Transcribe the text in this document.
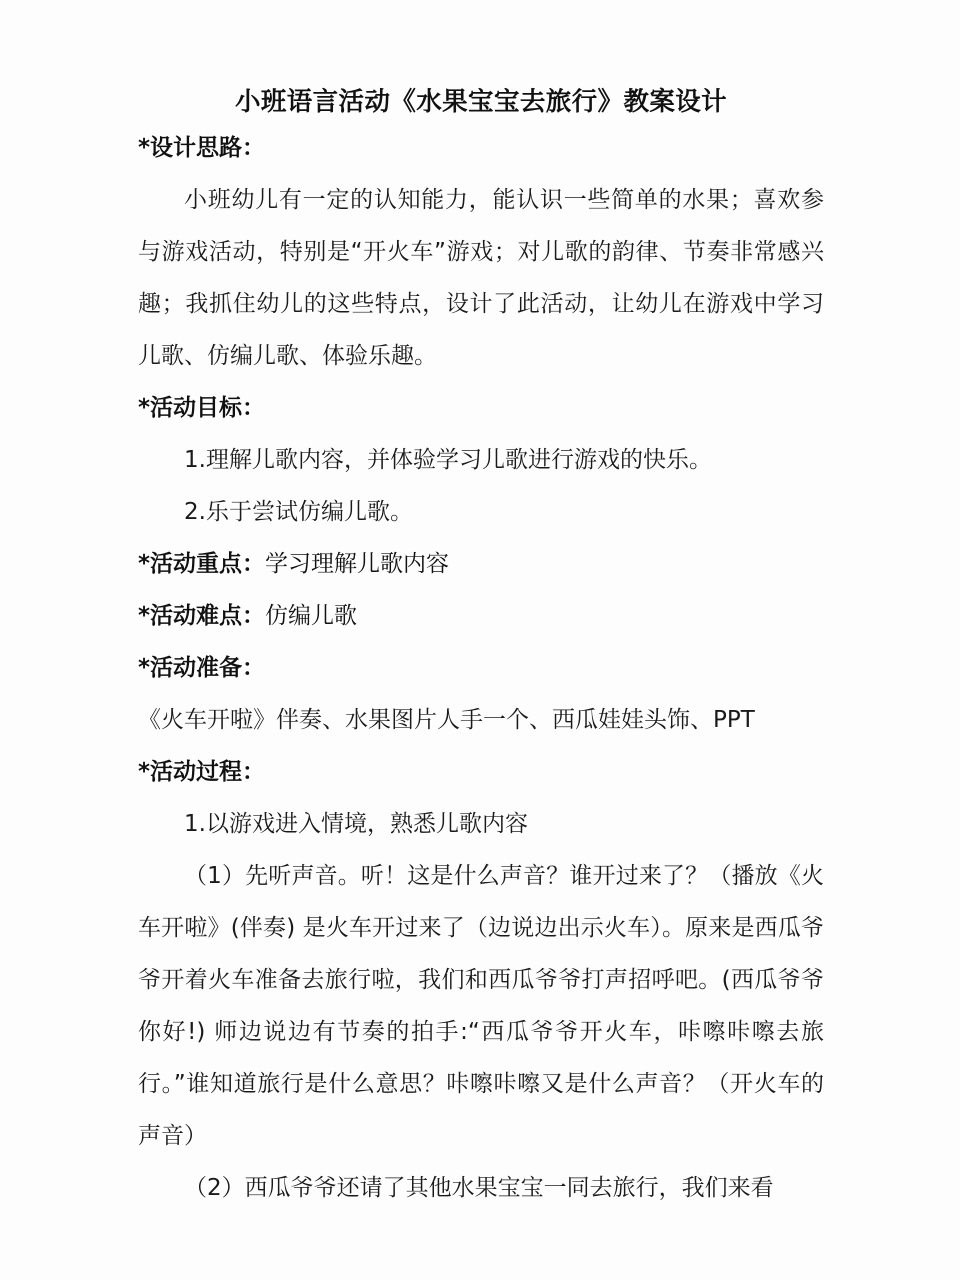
小班语言活动《水果宝宝去旅行》教案设计

*设计思路：

小班幼儿有一定的认知能力，能认识一些简单的水果；喜欢参与游戏活动，特别是“开火车”游戏；对儿歌的韵律、节奏非常感兴趣；我抓住幼儿的这些特点，设计了此活动，让幼儿在游戏中学习儿歌、仿编儿歌、体验乐趣。

*活动目标：

1.理解儿歌内容，并体验学习儿歌进行游戏的快乐。

2.乐于尝试仿编儿歌。

*活动重点：学习理解儿歌内容

*活动难点：仿编儿歌

*活动准备：

《火车开啦》伴奏、水果图片人手一个、西瓜娃娃头饰、PPT

*活动过程：

1.以游戏进入情境，熟悉儿歌内容

（1）先听声音。听！这是什么声音？谁开过来了？（播放《火车开啦》(伴奏) 是火车开过来了（边说边出示火车）。原来是西瓜爷爷开着火车准备去旅行啦，我们和西瓜爷爷打声招呼吧。(西瓜爷爷你好!) 师边说边有节奏的拍手:“西瓜爷爷开火车，咔嚓咔嚓去旅行。”谁知道旅行是什么意思？咔嚓咔嚓又是什么声音？（开火车的声音）

（2）西瓜爷爷还请了其他水果宝宝一同去旅行，我们来看
